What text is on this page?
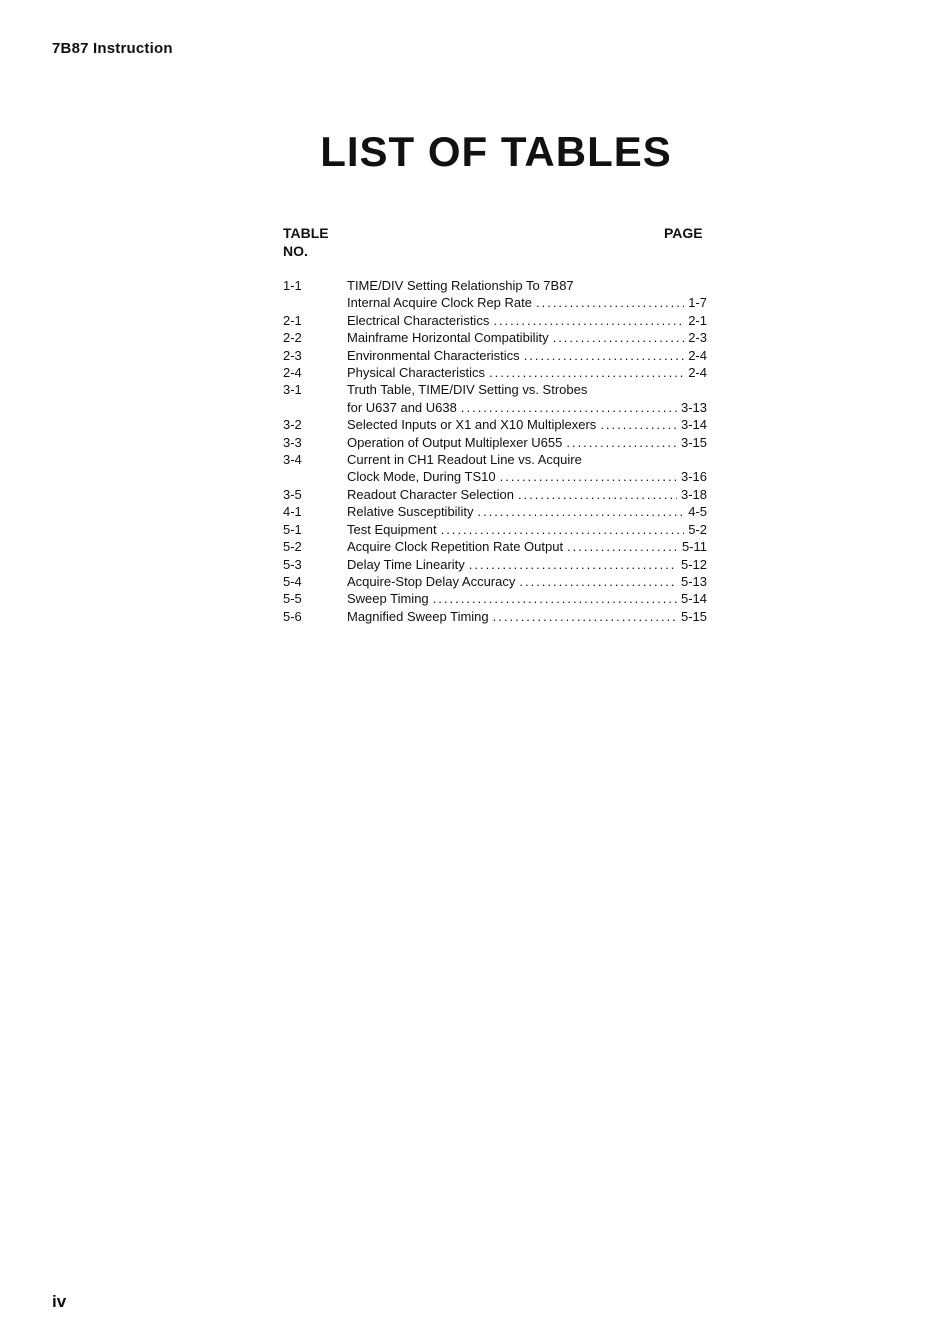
7B87 Instruction
LIST OF TABLES
TABLE
NO.
PAGE
1-1	TIME/DIV Setting Relationship To 7B87
Internal Acquire Clock Rep Rate .....	1-7
2-1	Electrical Characteristics .....	2-1
2-2	Mainframe Horizontal Compatibility .....	2-3
2-3	Environmental Characteristics .....	2-4
2-4	Physical Characteristics .....	2-4
3-1	Truth Table, TIME/DIV Setting vs. Strobes
for U637 and U638 .....	3-13
3-2	Selected Inputs or X1 and X10 Multiplexers .....	3-14
3-3	Operation of Output Multiplexer U655 .....	3-15
3-4	Current in CH1 Readout Line vs. Acquire
Clock Mode, During TS10 .....	3-16
3-5	Readout Character Selection .....	3-18
4-1	Relative Susceptibility .....	4-5
5-1	Test Equipment .....	5-2
5-2	Acquire Clock Repetition Rate Output .....	5-11
5-3	Delay Time Linearity .....	5-12
5-4	Acquire-Stop Delay Accuracy .....	5-13
5-5	Sweep Timing .....	5-14
5-6	Magnified Sweep Timing .....	5-15
iv
